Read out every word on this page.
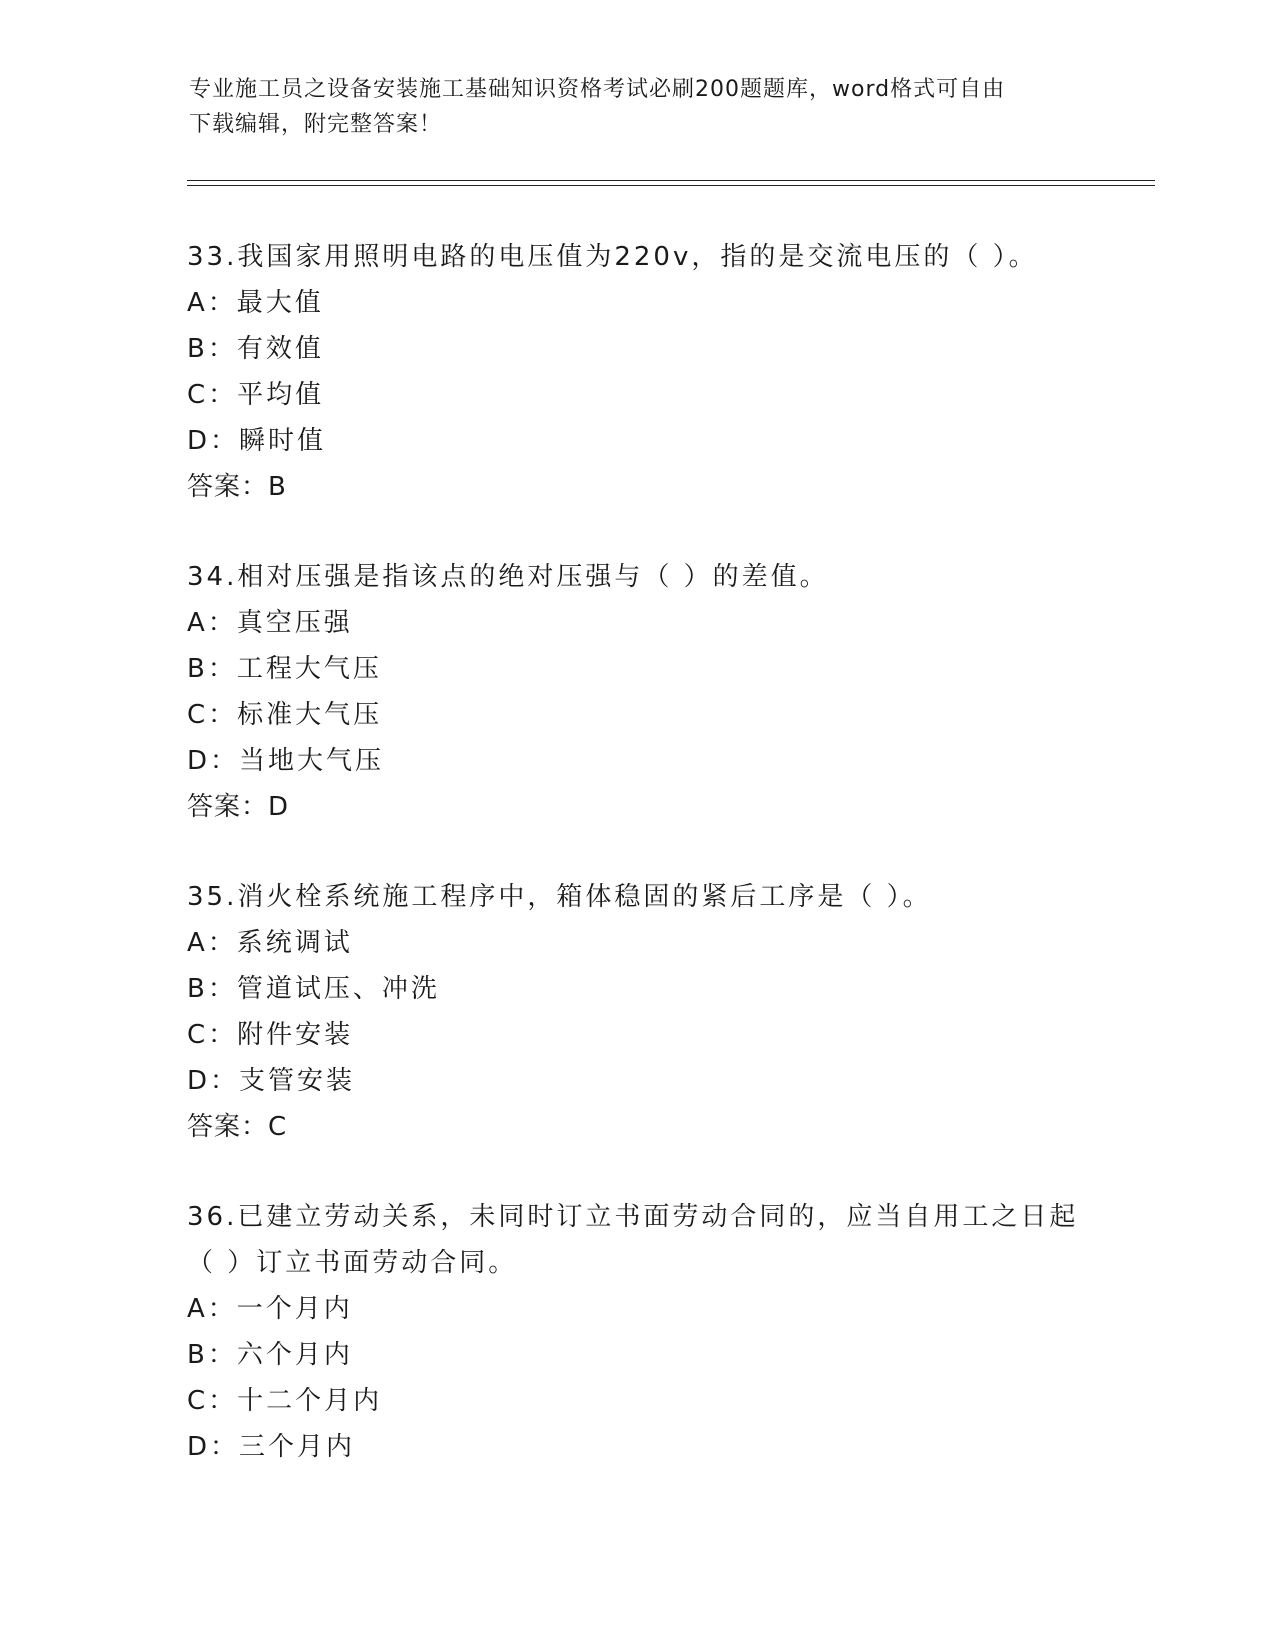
专业施工员之设备安装施工基础知识资格考试必刷200题题库，word格式可自由
下载编辑，附完整答案！
33.我国家用照明电路的电压值为220v，指的是交流电压的（ ）。
A：最大值
B：有效值
C：平均值
D：瞬时值
答案：B
34.相对压强是指该点的绝对压强与（ ）的差值。
A：真空压强
B：工程大气压
C：标准大气压
D：当地大气压
答案：D
35.消火栓系统施工程序中，箱体稳固的紧后工序是（ ）。
A：系统调试
B：管道试压、冲洗
C：附件安装
D：支管安装
答案：C
36.已建立劳动关系，未同时订立书面劳动合同的，应当自用工之日起
（ ）订立书面劳动合同。
A：一个月内
B：六个月内
C：十二个月内
D：三个月内
